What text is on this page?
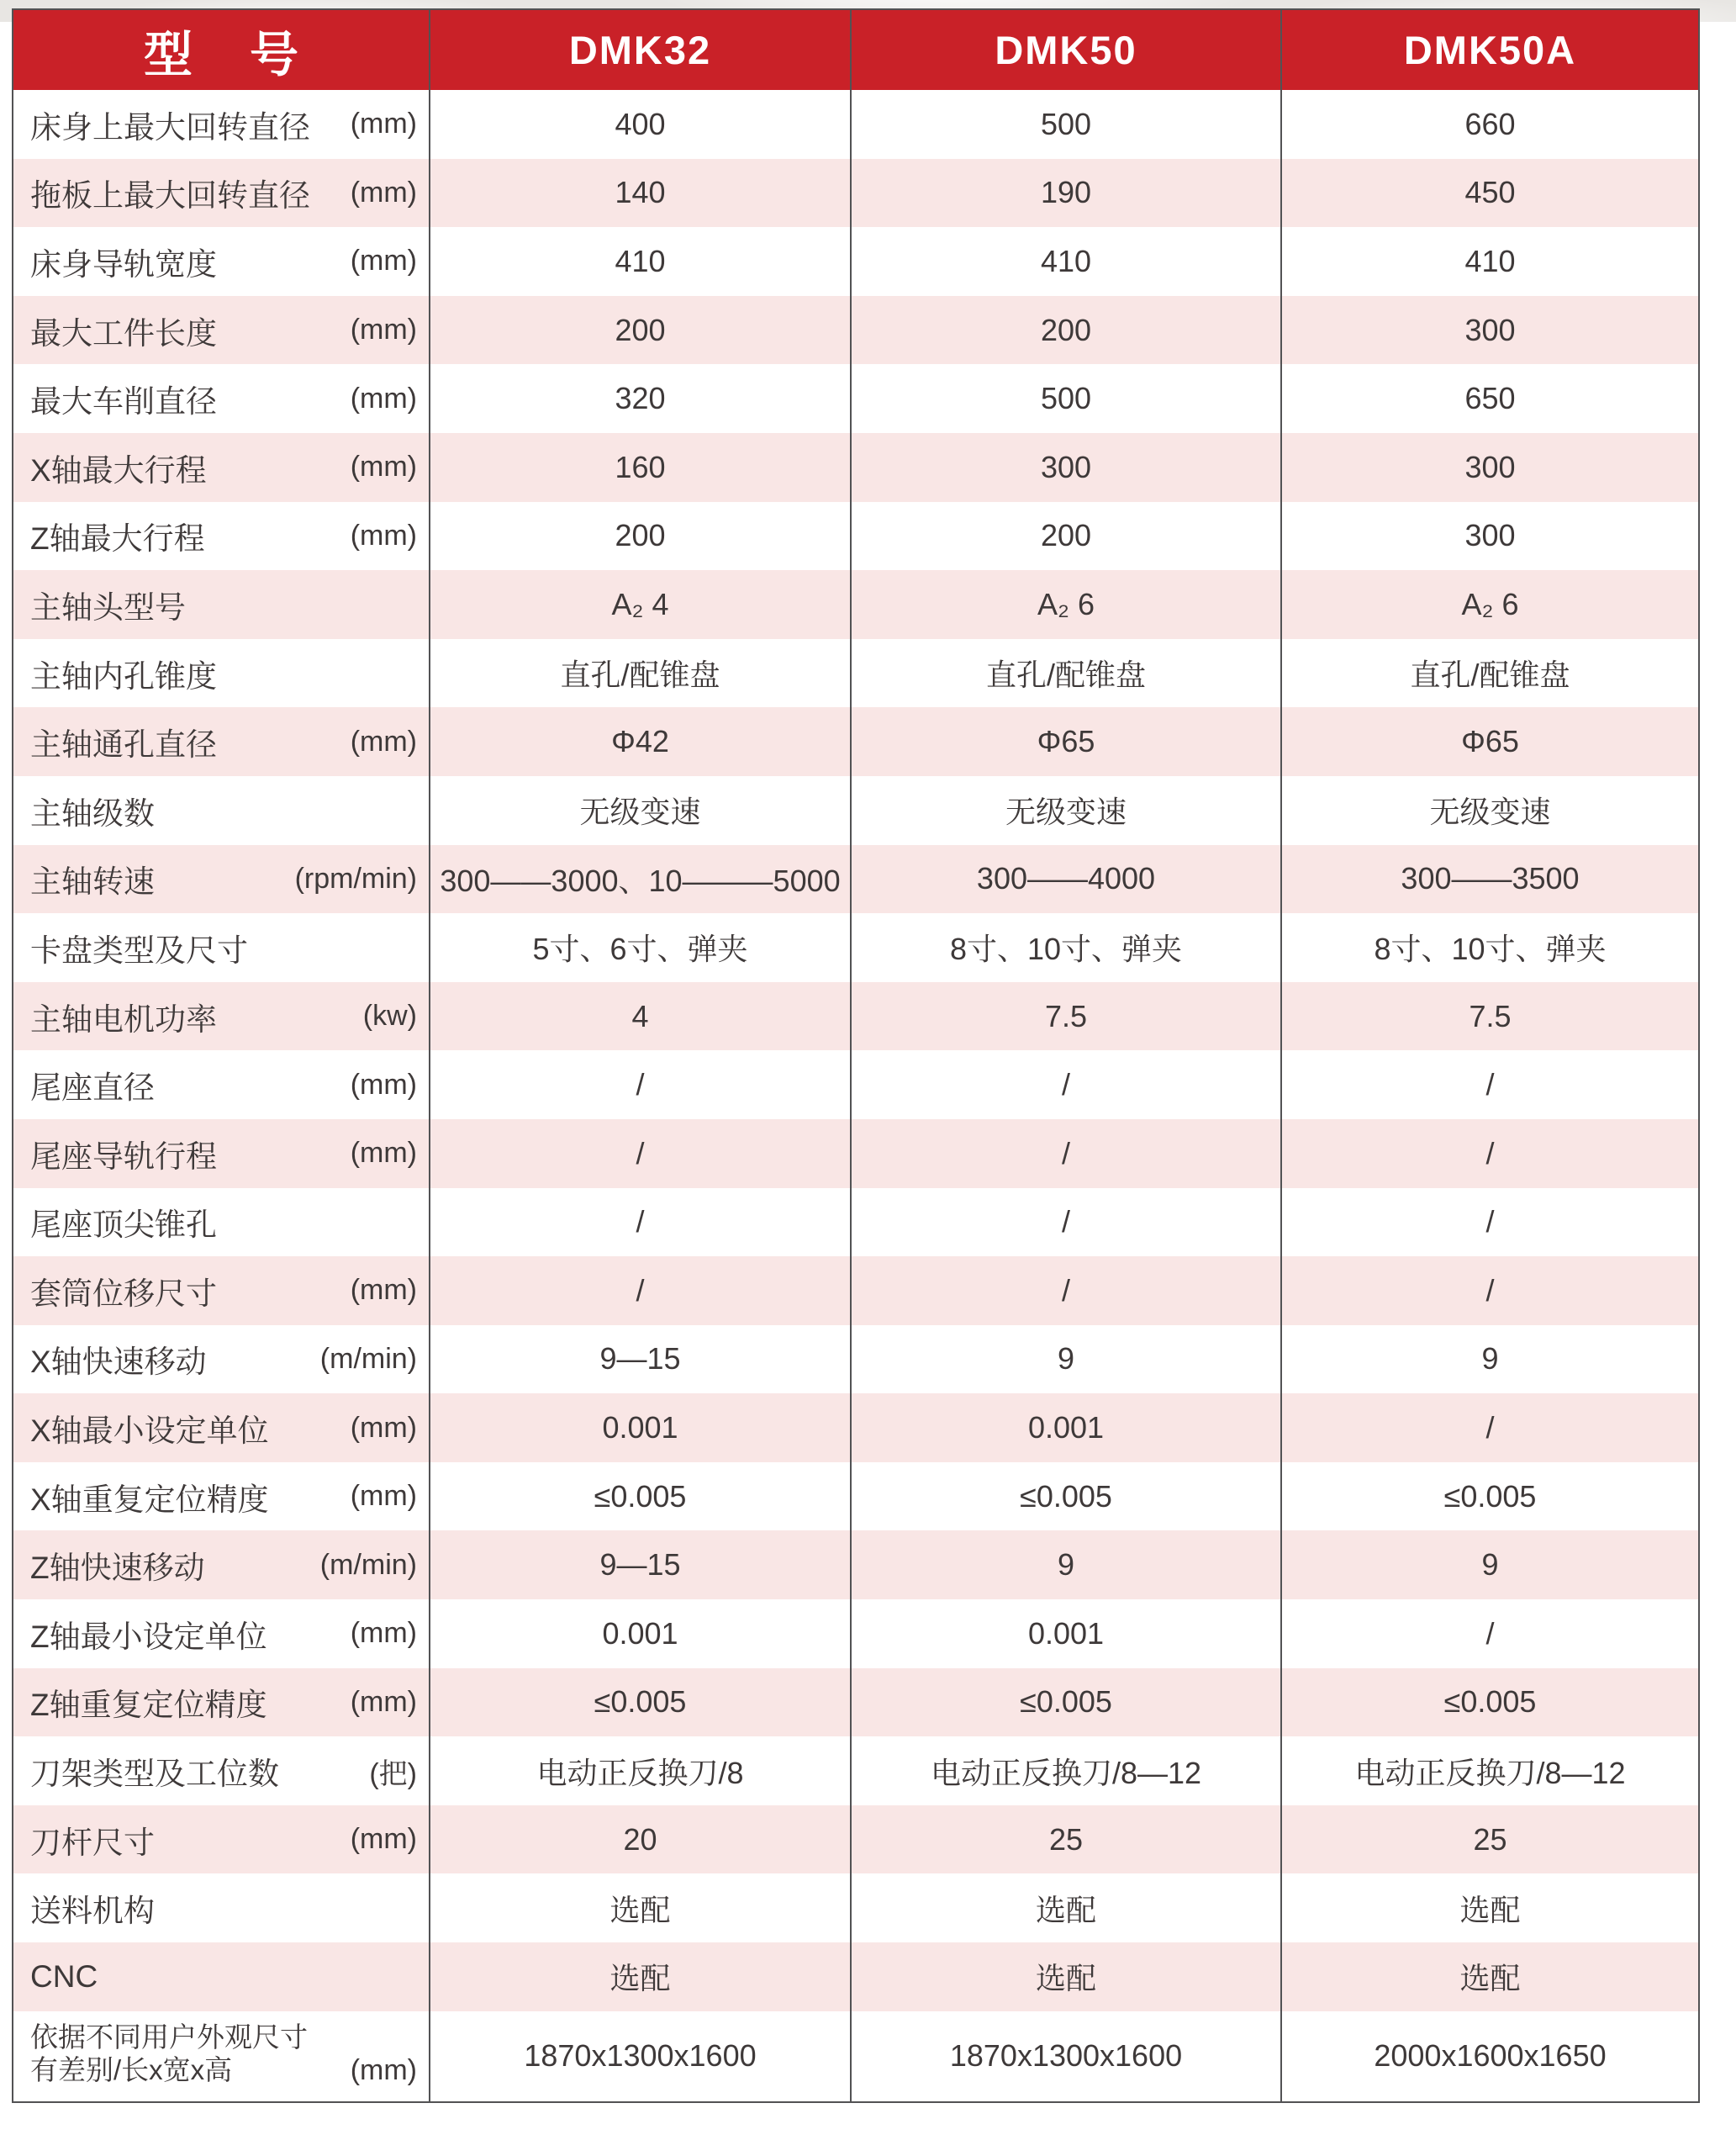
型 号	DMK32	DMK50	DMK50A

床身上最大回转直径 (mm)	400	500	660

拖板上最大回转直径 (mm)	140	190	450

床身导轨宽度 (mm)	410	410	410

最大工件长度 (mm)	200	200	300

最大车削直径 (mm)	320	500	650

X轴最大行程 (mm)	160	300	300

Z轴最大行程 (mm)	200	200	300

主轴头型号	A₂ 4	A₂ 6	A₂ 6

主轴内孔锥度	直孔/配锥盘	直孔/配锥盘	直孔/配锥盘

主轴通孔直径 (mm)	Φ42	Φ65	Φ65

主轴级数	无级变速	无级变速	无级变速

主轴转速 (rpm/min)	300——3000、10———5000	300——4000	300——3500

卡盘类型及尺寸	5寸、6寸、弹夹	8寸、10寸、弹夹	8寸、10寸、弹夹

主轴电机功率 (kw)	4	7.5	7.5

尾座直径 (mm)	/	/	/

尾座导轨行程 (mm)	/	/	/

尾座顶尖锥孔	/	/	/

套筒位移尺寸 (mm)	/	/	/

X轴快速移动 (m/min)	9—15	9	9

X轴最小设定单位 (mm)	0.001	0.001	/

X轴重复定位精度 (mm)	≤0.005	≤0.005	≤0.005

Z轴快速移动 (m/min)	9—15	9	9

Z轴最小设定单位 (mm)	0.001	0.001	/

Z轴重复定位精度 (mm)	≤0.005	≤0.005	≤0.005

刀架类型及工位数 (把)	电动正反换刀/8	电动正反换刀/8—12	电动正反换刀/8—12

刀杆尺寸 (mm)	20	25	25

送料机构	选配	选配	选配

CNC	选配	选配	选配

依据不同用户外观尺寸
有差别/长x宽x高 (mm)	1870x1300x1600	1870x1300x1600	2000x1600x1650
